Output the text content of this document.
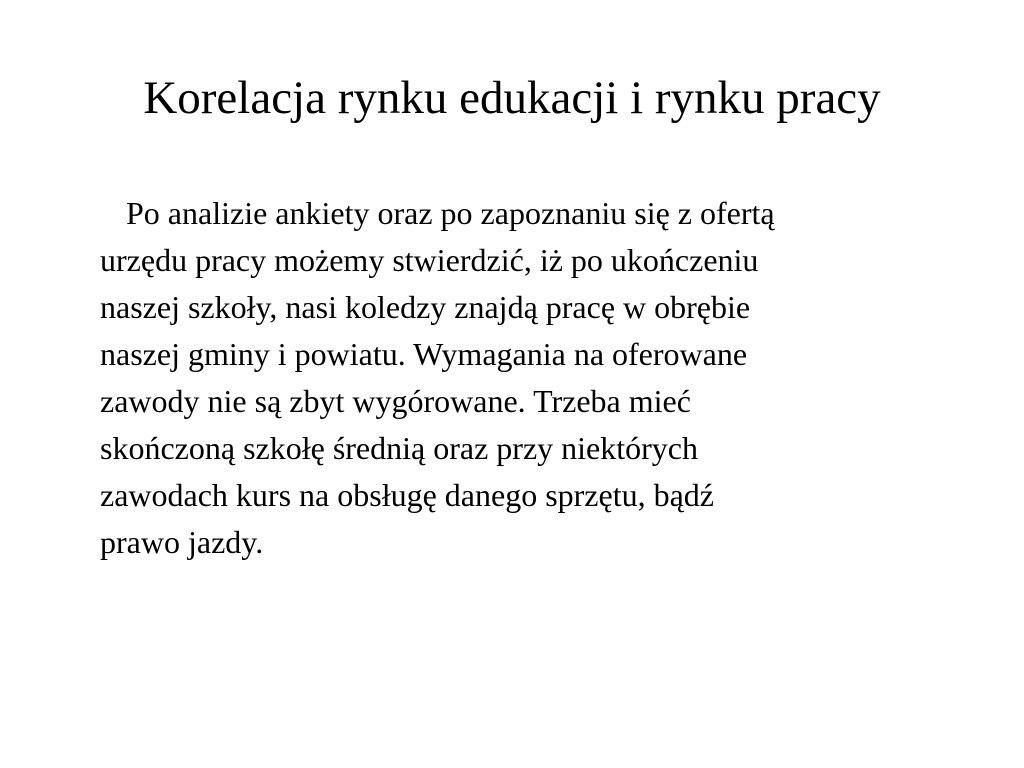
Korelacja rynku edukacji i rynku pracy

Po analizie ankiety oraz po zapoznaniu się z ofertą
urzędu pracy możemy stwierdzić, iż po ukończeniu
naszej szkoły, nasi koledzy znajdą pracę w obrębie
naszej gminy i powiatu. Wymagania na oferowane
zawody nie są zbyt wygórowane. Trzeba mieć
skończoną szkołę średnią oraz przy niektórych
zawodach kurs na obsługę danego sprzętu, bądź
prawo jazdy.
